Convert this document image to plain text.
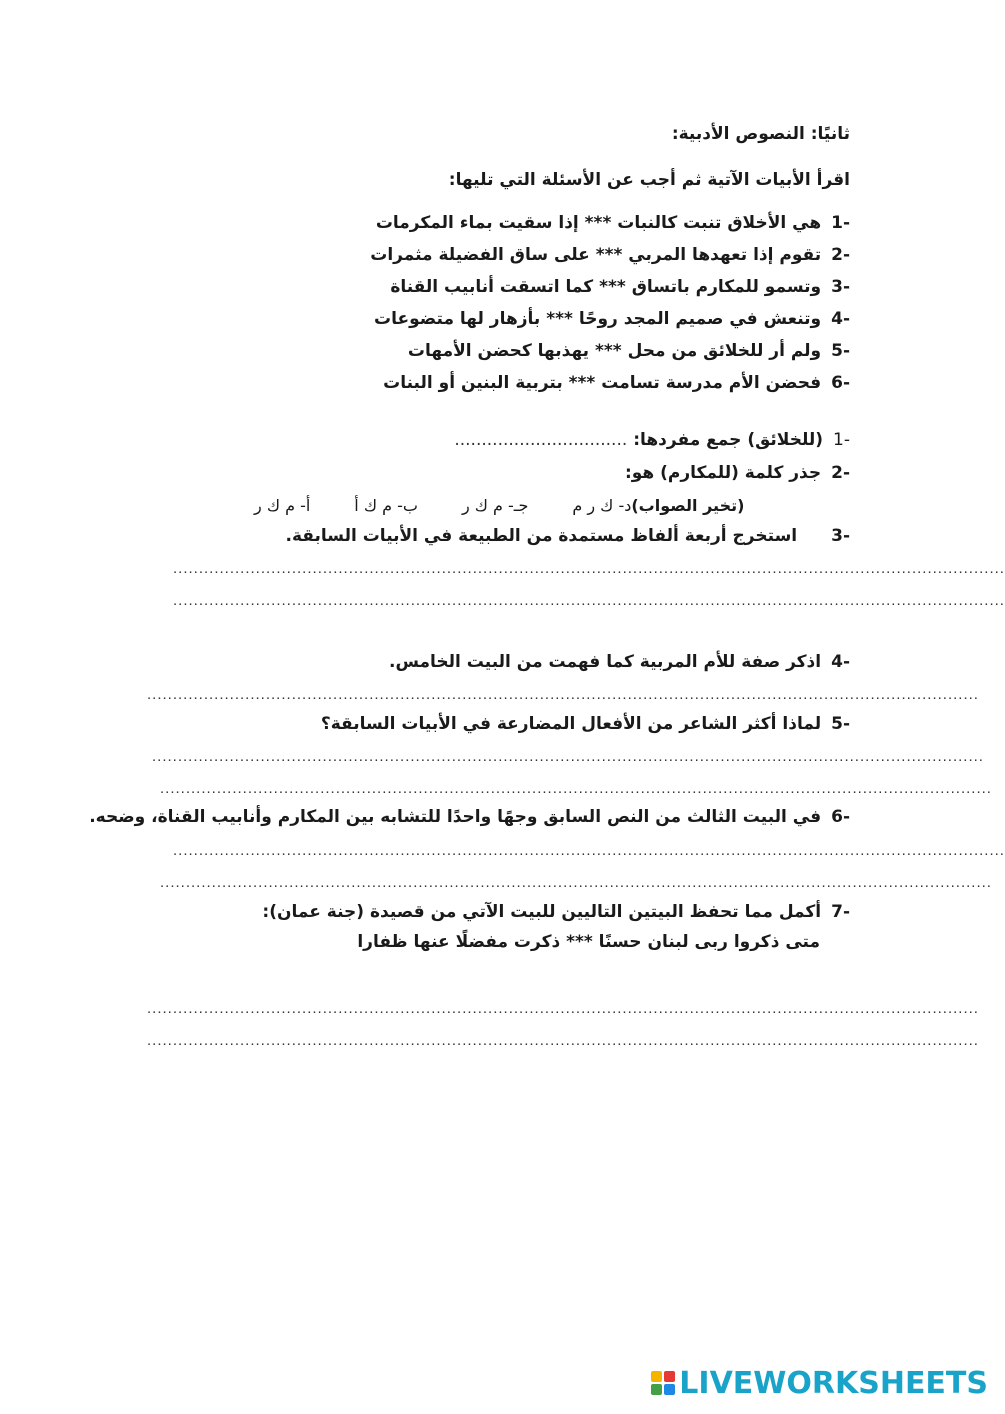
ثانيًا: النصوص الأدبية:
اقرأ الأبيات الآتية ثم أجب عن الأسئلة التي تليها:
1-هي الأخلاق تنبت كالنبات *** إذا سقيت بماء المكرمات
2-تقوم إذا تعهدها المربي *** على ساق الفضيلة مثمرات
3-وتسمو للمكارم باتساق *** كما اتسقت أنابيب القناة
4-وتنعش في صميم المجد روحًا *** بأزهار لها متضوعات
5-ولم أر للخلائق من محل *** يهذبها كحضن الأمهات
6-فحضن الأم مدرسة تسامت *** بتربية البنين أو البنات
1-(للخلائق) جمع مفردها: ................................
2-جذر كلمة (للمكارم) هو:
أ- م ك ر	ب- م ك أ	جـ- م ك ر	د- ك ر م (تخير الصواب)
3-استخرج أربعة ألفاظ مستمدة من الطبيعة في الأبيات السابقة.
.................................................................................................................................................................
.................................................................................................................................................................
4-اذكر صفة للأم المربية كما فهمت من البيت الخامس.
.................................................................................................................................................................
5-لماذا أكثر الشاعر من الأفعال المضارعة في الأبيات السابقة؟
.................................................................................................................................................................
.................................................................................................................................................................
6-في البيت الثالث من النص السابق وجهًا واحدًا للتشابه بين المكارم وأنابيب القناة، وضحه.
.................................................................................................................................................................
.................................................................................................................................................................
7-أكمل مما تحفظ البيتين التاليين للبيت الآتي من قصيدة (جنة عمان):
متى ذكروا ربى لبنان حسنًا *** ذكرت مفضلًا عنها ظفارا
.................................................................................................................................................................
.................................................................................................................................................................
LIVEWORKSHEETS
